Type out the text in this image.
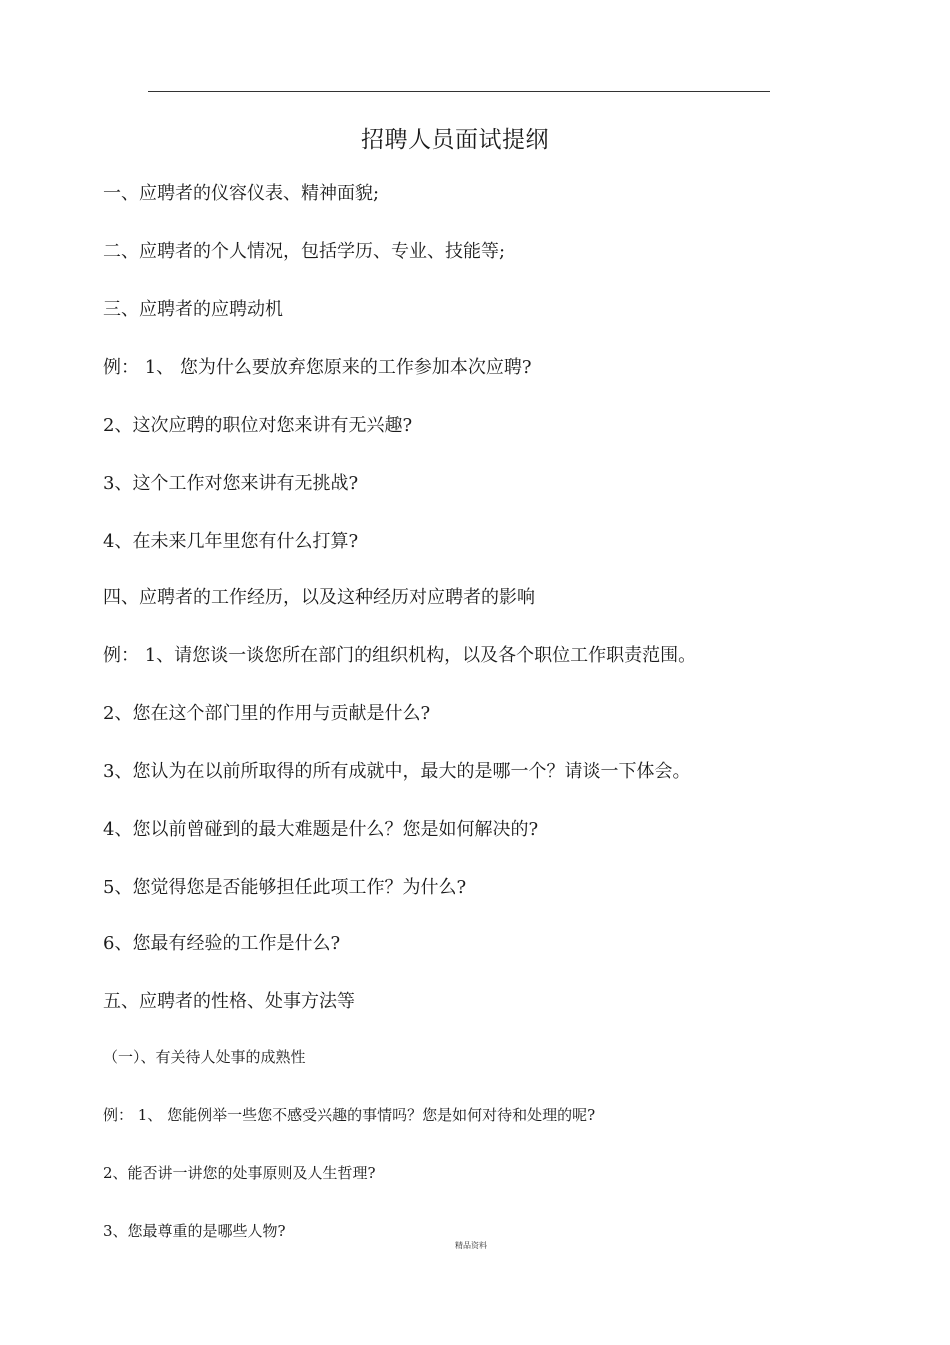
招聘人员面试提纲
一、应聘者的仪容仪表、精神面貌;
二、应聘者的个人情况，包括学历、专业、技能等;
三、应聘者的应聘动机
例： 1、 您为什么要放弃您原来的工作参加本次应聘?
2、这次应聘的职位对您来讲有无兴趣?
3、这个工作对您来讲有无挑战?
4、在未来几年里您有什么打算?
四、应聘者的工作经历，以及这种经历对应聘者的影响
例： 1、请您谈一谈您所在部门的组织机构，以及各个职位工作职责范围。
2、您在这个部门里的作用与贡献是什么?
3、您认为在以前所取得的所有成就中，最大的是哪一个？请谈一下体会。
4、您以前曾碰到的最大难题是什么？您是如何解决的?
5、您觉得您是否能够担任此项工作？为什么?
6、您最有经验的工作是什么?
五、应聘者的性格、处事方法等
（一）、有关待人处事的成熟性
例： 1、 您能例举一些您不感受兴趣的事情吗？您是如何对待和处理的呢?
2、能否讲一讲您的处事原则及人生哲理?
3、您最尊重的是哪些人物?
精品资料
